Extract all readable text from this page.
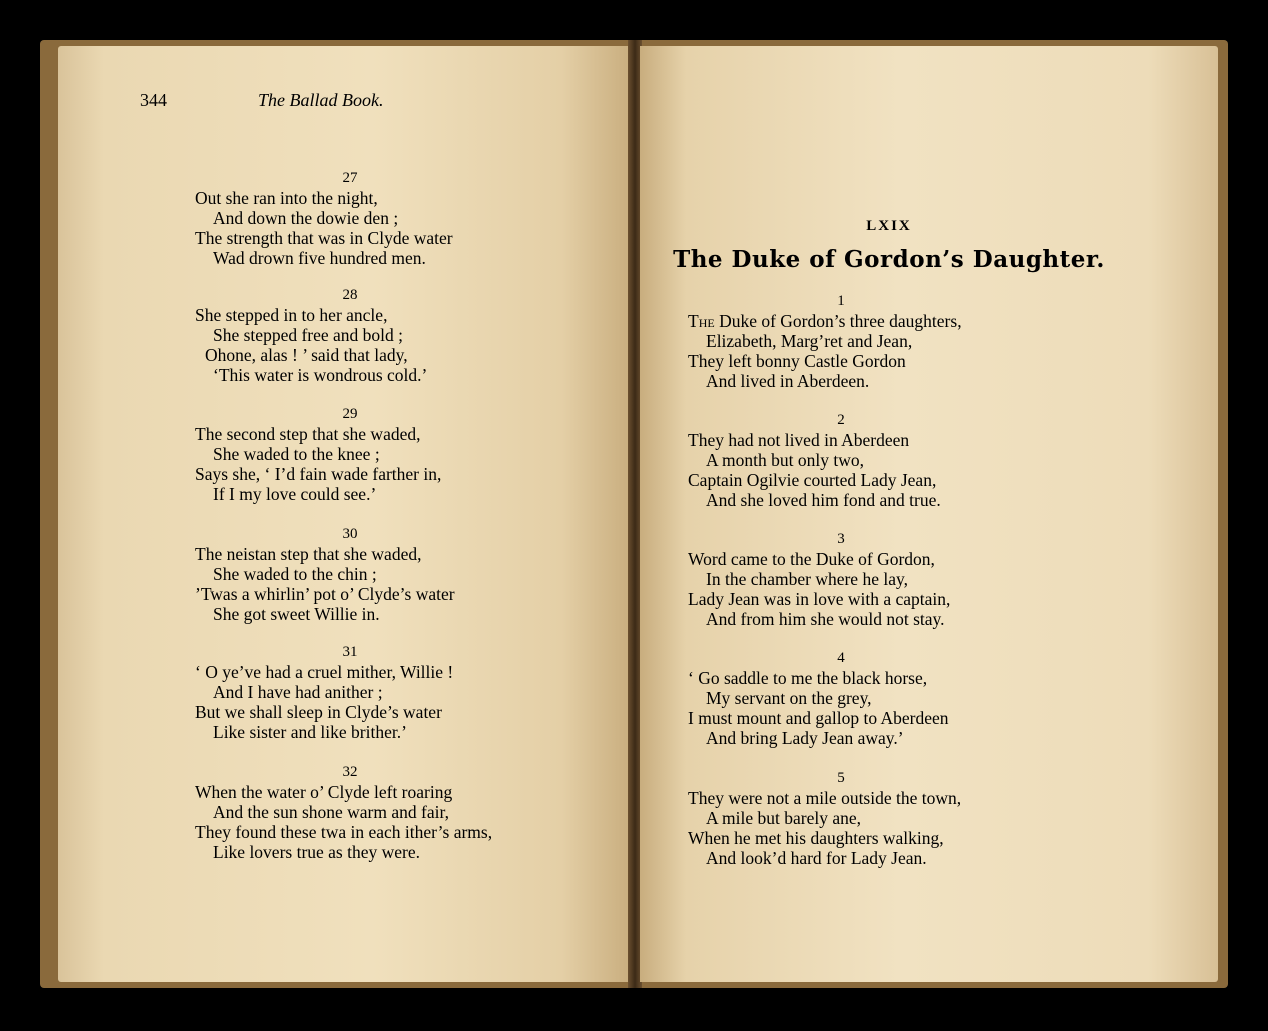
344	The Ballad Book.
27
Out she ran into the night,
And down the dowie den ;
The strength that was in Clyde water
Wad drown five hundred men.
28
She stepped in to her ancle,
She stepped free and bold ;
Ohone, alas ! ’ said that lady,
‘This water is wondrous cold.’
29
The second step that she waded,
She waded to the knee ;
Says she, ‘ I’d fain wade farther in,
If I my love could see.’
30
The neistan step that she waded,
She waded to the chin ;
’Twas a whirlin’ pot o’ Clyde’s water
She got sweet Willie in.
31
‘ O ye’ve had a cruel mither, Willie !
And I have had anither ;
But we shall sleep in Clyde’s water
Like sister and like brither.’
32
When the water o’ Clyde left roaring
And the sun shone warm and fair,
They found these twa in each ither’s arms,
Like lovers true as they were.
LXIX
The Duke of Gordon’s Daughter.
1
The Duke of Gordon’s three daughters,
Elizabeth, Marg’ret and Jean,
They left bonny Castle Gordon
And lived in Aberdeen.
2
They had not lived in Aberdeen
A month but only two,
Captain Ogilvie courted Lady Jean,
And she loved him fond and true.
3
Word came to the Duke of Gordon,
In the chamber where he lay,
Lady Jean was in love with a captain,
And from him she would not stay.
4
‘ Go saddle to me the black horse,
My servant on the grey,
I must mount and gallop to Aberdeen
And bring Lady Jean away.’
5
They were not a mile outside the town,
A mile but barely ane,
When he met his daughters walking,
And look’d hard for Lady Jean.
